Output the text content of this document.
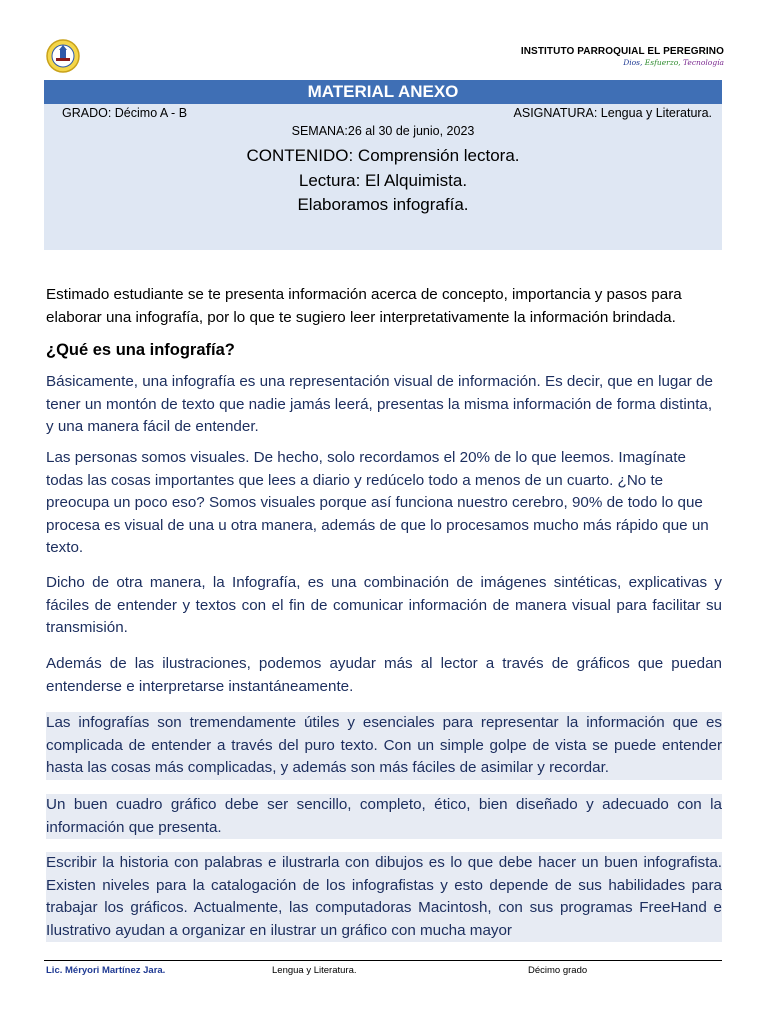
INSTITUTO PARROQUIAL EL PEREGRINO
Dios, Esfuerzo, Tecnología
MATERIAL ANEXO
GRADO: Décimo A - B	ASIGNATURA: Lengua y Literatura.
SEMANA:26 al 30 de junio, 2023
CONTENIDO: Comprensión lectora.
Lectura: El Alquimista.
Elaboramos infografía.

Estimado estudiante se te presenta información acerca de concepto, importancia y pasos para elaborar una infografía, por lo que te sugiero leer interpretativamente la información brindada.

¿Qué es una infografía?

Básicamente, una infografía es una representación visual de información. Es decir, que en lugar de tener un montón de texto que nadie jamás leerá, presentas la misma información de forma distinta, y una manera fácil de entender.

Las personas somos visuales. De hecho, solo recordamos el 20% de lo que leemos. Imagínate todas las cosas importantes que lees a diario y redúcelo todo a menos de un cuarto. ¿No te preocupa un poco eso? Somos visuales porque así funciona nuestro cerebro, 90% de todo lo que procesa es visual de una u otra manera, además de que lo procesamos mucho más rápido que un texto.

Dicho de otra manera, la Infografía, es una combinación de imágenes sintéticas, explicativas y fáciles de entender y textos con el fin de comunicar información de manera visual para facilitar su transmisión.

Además de las ilustraciones, podemos ayudar más al lector a través de gráficos que puedan entenderse e interpretarse instantáneamente.

Las infografías son tremendamente útiles y esenciales para representar la información que es complicada de entender a través del puro texto. Con un simple golpe de vista se puede entender hasta las cosas más complicadas, y además son más fáciles de asimilar y recordar.

Un buen cuadro gráfico debe ser sencillo, completo, ético, bien diseñado y adecuado con la información que presenta.

Escribir la historia con palabras e ilustrarla con dibujos es lo que debe hacer un buen infografista. Existen niveles para la catalogación de los infografistas y esto depende de sus habilidades para trabajar los gráficos. Actualmente, las computadoras Macintosh, con sus programas FreeHand e Ilustrativo ayudan a organizar en ilustrar un gráfico con mucha mayor

Lic. Méryori Martínez Jara.	Lengua y Literatura.	Décimo grado
